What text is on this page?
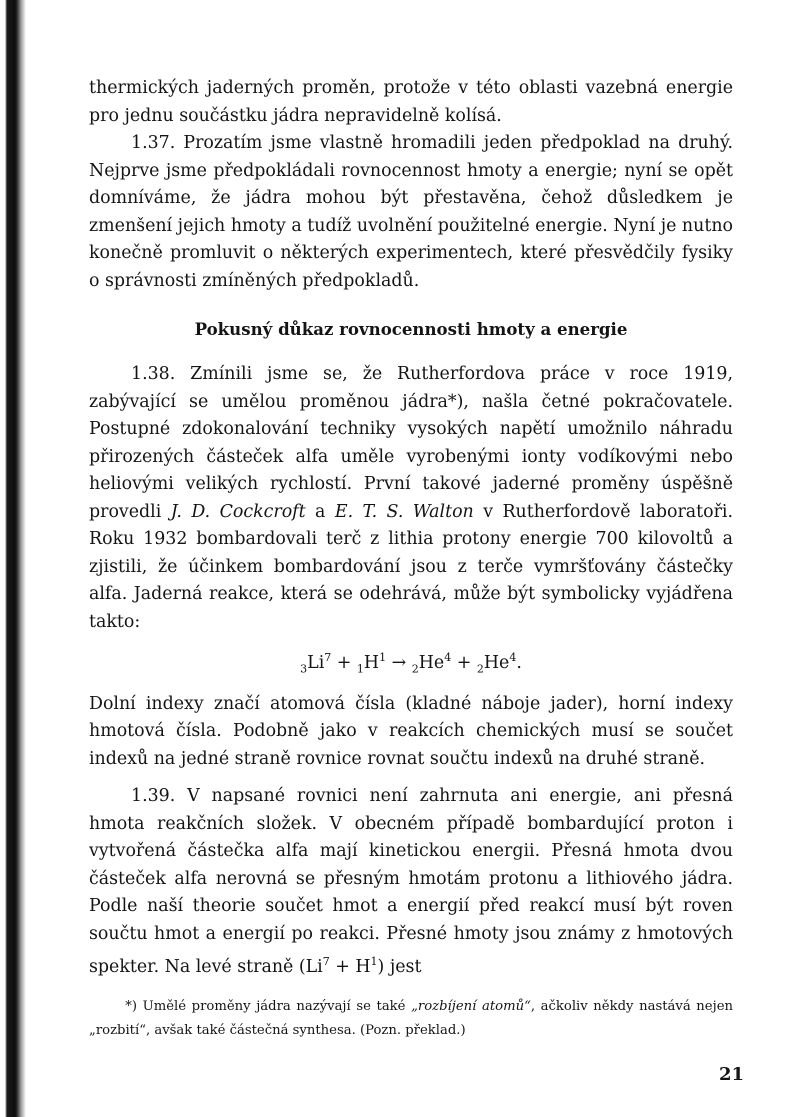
thermických jaderných proměn, protože v této oblasti vazebná energie pro jednu součástku jádra nepravidelně kolísá.

1.37. Prozatím jsme vlastně hromadili jeden předpoklad na druhý. Nejprve jsme předpokládali rovnocennost hmoty a energie; nyní se opět domníváme, že jádra mohou být přestavěna, čehož důsledkem je zmenšení jejich hmoty a tudíž uvolnění použitelné energie. Nyní je nutno konečně promluvit o některých experimentech, které přesvědčily fysiky o správnosti zmíněných předpokladů.

Pokusný důkaz rovnocennosti hmoty a energie

1.38. Zmínili jsme se, že Rutherfordova práce v roce 1919, zabývající se umělou proměnou jádra*), našla četné pokračovatele. Postupné zdokonalování techniky vysokých napětí umožnilo náhradu přirozených částeček alfa uměle vyrobenými ionty vodíkovými nebo heliovými velikých rychlostí. První takové jaderné proměny úspěšně provedli J. D. Cockcroft a E. T. S. Walton v Rutherfordově laboratoři. Roku 1932 bombardovali terč z lithia protony energie 700 kilovoltů a zjistili, že účinkem bombardování jsou z terče vymršťovány částečky alfa. Jaderná reakce, která se odehrává, může být symbolicky vyjádřena takto:

$_3Li^7 + _1H^1 \to _2He^4 + _2He^4$.

Dolní indexy značí atomová čísla (kladné náboje jader), horní indexy hmotová čísla. Podobně jako v reakcích chemických musí se součet indexů na jedné straně rovnice rovnat součtu indexů na druhé straně.

1.39. V napsané rovnici není zahrnuta ani energie, ani přesná hmota reakčních složek. V obecném případě bombardující proton i vytvořená částečka alfa mají kinetickou energii. Přesná hmota dvou částeček alfa nerovná se přesným hmotám protonu a lithiového jádra. Podle naší theorie součet hmot a energií před reakcí musí být roven součtu hmot a energií po reakci. Přesné hmoty jsou známy z hmotových spekter. Na levé straně $(Li^7 + H^1)$ jest

*) Umělé proměny jádra nazývají se také „rozbíjení atomů“, ačkoliv někdy nastává nejen „rozbití“, avšak také částečná synthesa. (Pozn. překlad.)
21
